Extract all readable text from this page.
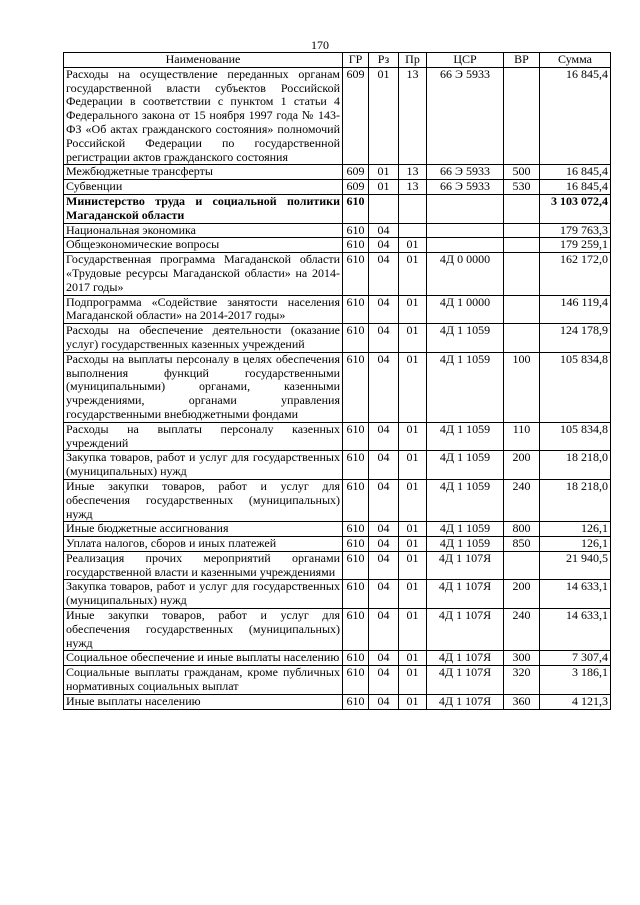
170
Наименование	ГР	Рз	Пр	ЦСР	ВР	Сумма
Расходы на осуществление переданных органам государственной власти субъектов Российской Федерации в соответствии с пунктом 1 статьи 4 Федерального закона от 15 ноября 1997 года № 143-ФЗ «Об актах гражданского состояния» полномочий Российской Федерации по государственной регистрации актов гражданского состояния	609	01	13	66 Э 5933		16 845,4
Межбюджетные трансферты	609	01	13	66 Э 5933	500	16 845,4
Субвенции	609	01	13	66 Э 5933	530	16 845,4
Министерство труда и социальной политики Магаданской области	610					3 103 072,4
Национальная экономика	610	04				179 763,3
Общеэкономические вопросы	610	04	01			179 259,1
Государственная программа Магаданской области «Трудовые ресурсы Магаданской области» на 2014-2017 годы»	610	04	01	4Д 0 0000		162 172,0
Подпрограмма «Содействие занятости населения Магаданской области» на 2014-2017 годы»	610	04	01	4Д 1 0000		146 119,4
Расходы на обеспечение деятельности (оказание услуг) государственных казенных учреждений	610	04	01	4Д 1 1059		124 178,9
Расходы на выплаты персоналу в целях обеспечения выполнения функций государственными (муниципальными) органами, казенными учреждениями, органами управления государственными внебюджетными фондами	610	04	01	4Д 1 1059	100	105 834,8
Расходы на выплаты персоналу казенных учреждений	610	04	01	4Д 1 1059	110	105 834,8
Закупка товаров, работ и услуг для государственных (муниципальных) нужд	610	04	01	4Д 1 1059	200	18 218,0
Иные закупки товаров, работ и услуг для обеспечения государственных (муниципальных) нужд	610	04	01	4Д 1 1059	240	18 218,0
Иные бюджетные ассигнования	610	04	01	4Д 1 1059	800	126,1
Уплата налогов, сборов и иных платежей	610	04	01	4Д 1 1059	850	126,1
Реализация прочих мероприятий органами государственной власти и казенными учреждениями	610	04	01	4Д 1 107Я		21 940,5
Закупка товаров, работ и услуг для государственных (муниципальных) нужд	610	04	01	4Д 1 107Я	200	14 633,1
Иные закупки товаров, работ и услуг для обеспечения государственных (муниципальных) нужд	610	04	01	4Д 1 107Я	240	14 633,1
Социальное обеспечение и иные выплаты населению	610	04	01	4Д 1 107Я	300	7 307,4
Социальные выплаты гражданам, кроме публичных нормативных социальных выплат	610	04	01	4Д 1 107Я	320	3 186,1
Иные выплаты населению	610	04	01	4Д 1 107Я	360	4 121,3
